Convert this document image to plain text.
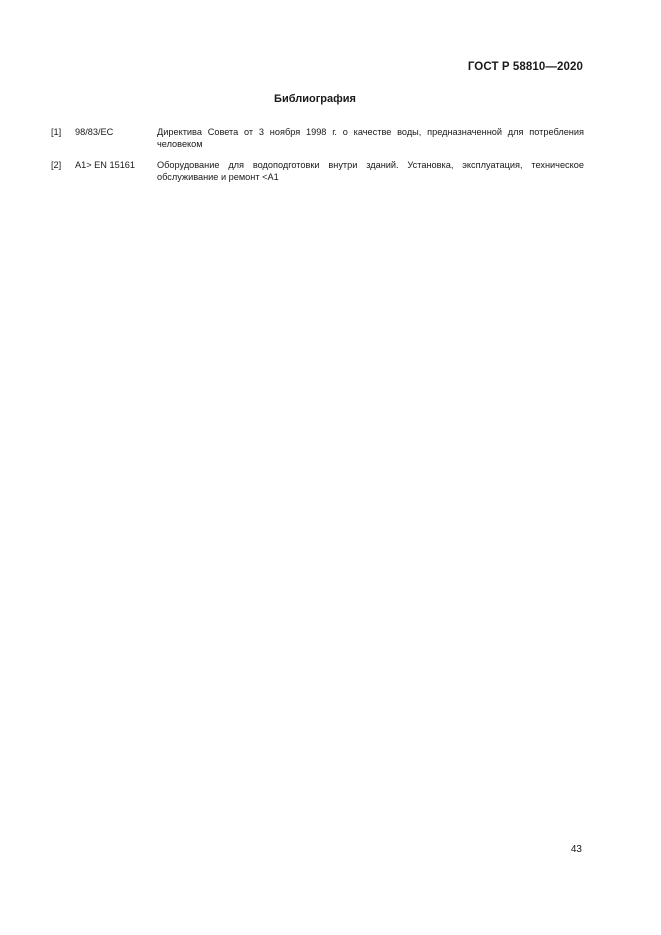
ГОСТ Р 58810—2020
Библиография
[1]	98/83/EC	Директива Совета от 3 ноября 1998 г. о качестве воды, предназначенной для потребления человеком
[2]	A1> EN 15161	Оборудование для водоподготовки внутри зданий. Установка, эксплуатация, техническое обслуживание и ремонт <A1
43
